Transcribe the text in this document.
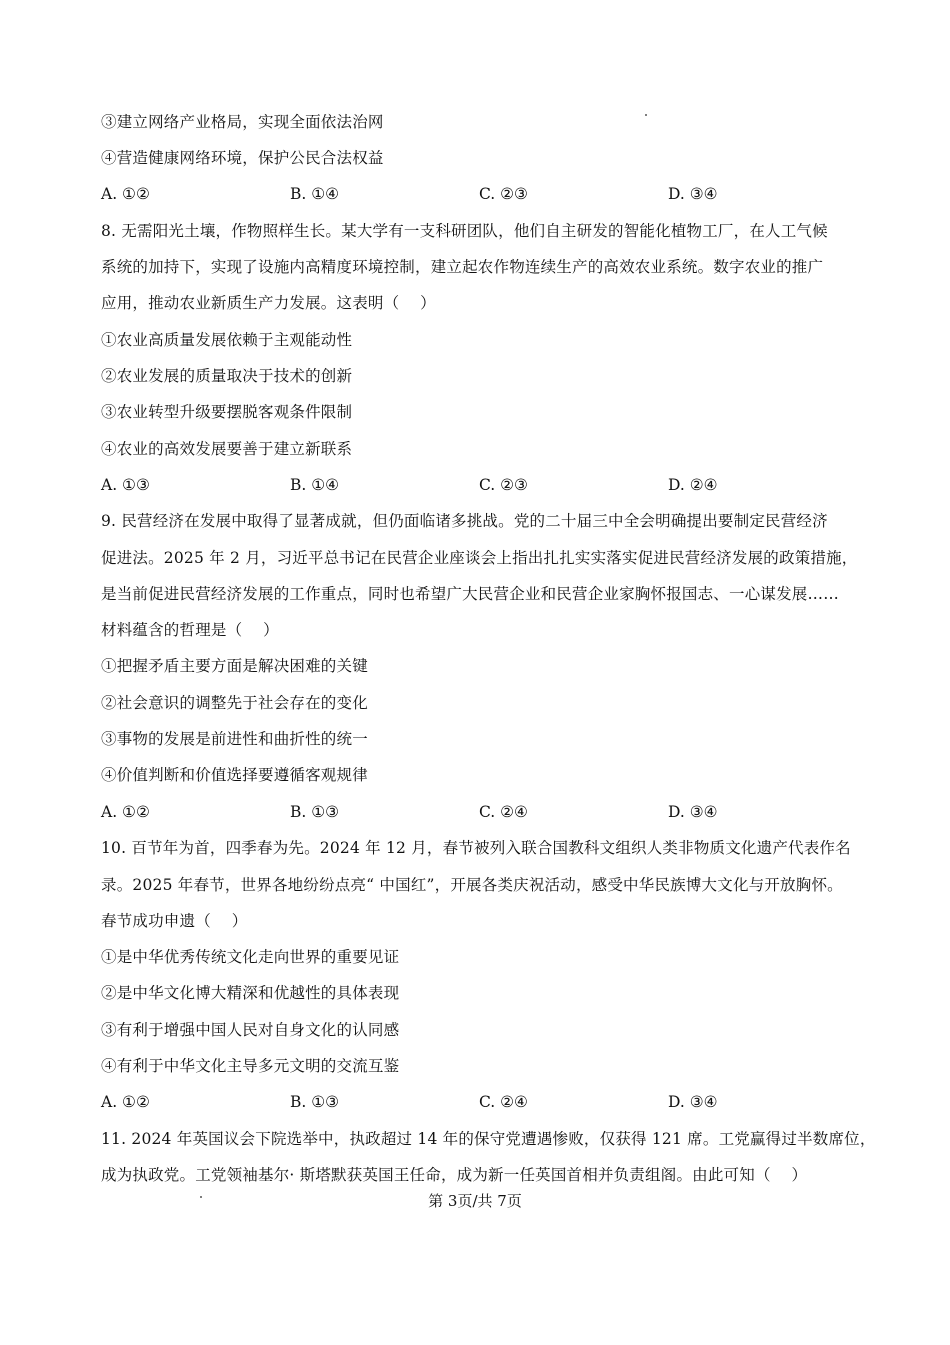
③建立网络产业格局，实现全面依法治网
④营造健康网络环境，保护公民合法权益
A. ①②	B. ①④	C. ②③	D. ③④
8. 无需阳光土壤，作物照样生长。某大学有一支科研团队，他们自主研发的智能化植物工厂，在人工气候
系统的加持下，实现了设施内高精度环境控制，建立起农作物连续生产的高效农业系统。数字农业的推广
应用，推动农业新质生产力发展。这表明（　 ）
①农业高质量发展依赖于主观能动性
②农业发展的质量取决于技术的创新
③农业转型升级要摆脱客观条件限制
④农业的高效发展要善于建立新联系
A. ①③	B. ①④	C. ②③	D. ②④
9. 民营经济在发展中取得了显著成就，但仍面临诸多挑战。党的二十届三中全会明确提出要制定民营经济
促进法。2025 年 2 月，习近平总书记在民营企业座谈会上指出扎扎实实落实促进民营经济发展的政策措施，
是当前促进民营经济发展的工作重点，同时也希望广大民营企业和民营企业家胸怀报国志、一心谋发展……
材料蕴含的哲理是（　 ）
①把握矛盾主要方面是解决困难的关键
②社会意识的调整先于社会存在的变化
③事物的发展是前进性和曲折性的统一
④价值判断和价值选择要遵循客观规律
A. ①②	B. ①③	C. ②④	D. ③④
10. 百节年为首，四季春为先。2024 年 12 月，春节被列入联合国教科文组织人类非物质文化遗产代表作名
录。2025 年春节，世界各地纷纷点亮“ 中国红”，开展各类庆祝活动，感受中华民族博大文化与开放胸怀。
春节成功申遗（　 ）
①是中华优秀传统文化走向世界的重要见证
②是中华文化博大精深和优越性的具体表现
③有利于增强中国人民对自身文化的认同感
④有利于中华文化主导多元文明的交流互鉴
A. ①②	B. ①③	C. ②④	D. ③④
11. 2024 年英国议会下院选举中，执政超过 14 年的保守党遭遇惨败，仅获得 121 席。工党赢得过半数席位，
成为执政党。工党领袖基尔· 斯塔默获英国王任命，成为新一任英国首相并负责组阁。由此可知（　 ）
第 3页/共 7页
